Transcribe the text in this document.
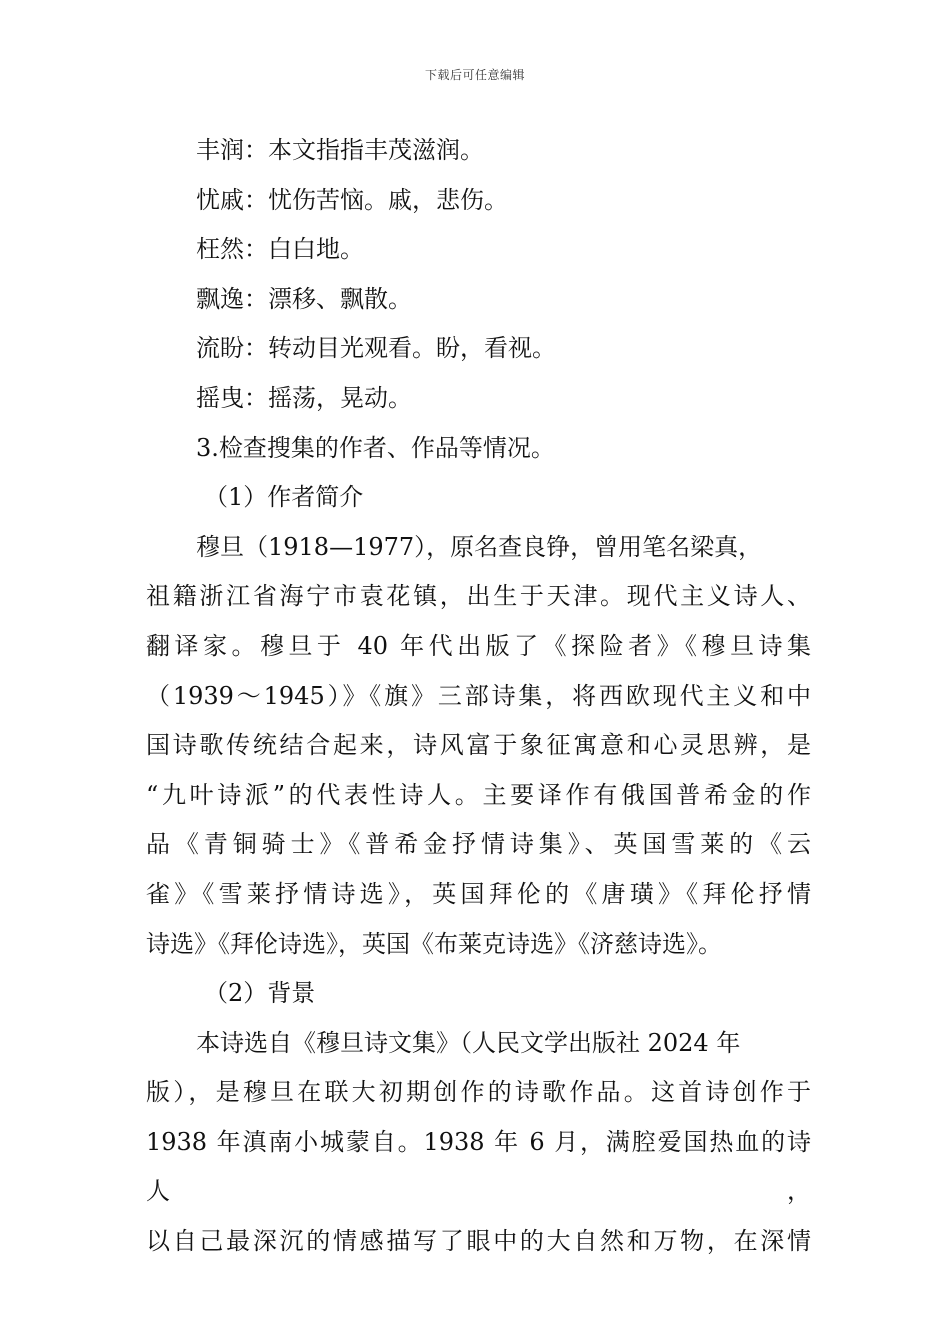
下载后可任意编辑
丰润：本文指指丰茂滋润。
忧戚：忧伤苦恼。戚，悲伤。
枉然：白白地。
飘逸：漂移、飘散。
流盼：转动目光观看。盼，看视。
摇曳：摇荡，晃动。
3.检查搜集的作者、作品等情况。
（1）作者简介
穆旦（1918—1977），原名查良铮，曾用笔名梁真，
祖籍浙江省海宁市袁花镇，出生于天津。现代主义诗人、
翻译家。穆旦于 40 年代出版了《探险者》《穆旦诗集
（1939～1945）》《旗》三部诗集，将西欧现代主义和中
国诗歌传统结合起来，诗风富于象征寓意和心灵思辨，是
“九叶诗派”的代表性诗人。主要译作有俄国普希金的作
品《青铜骑士》《普希金抒情诗集》、英国雪莱的《云
雀》《雪莱抒情诗选》，英国拜伦的《唐璜》《拜伦抒情
诗选》《拜伦诗选》，英国《布莱克诗选》《济慈诗选》。
（2）背景
本诗选自《穆旦诗文集》（人民文学出版社 2024 年
版），是穆旦在联大初期创作的诗歌作品。这首诗创作于
1938 年滇南小城蒙自。1938 年 6 月，满腔爱国热血的诗人，
以自己最深沉的情感描写了眼中的大自然和万物，在深情
